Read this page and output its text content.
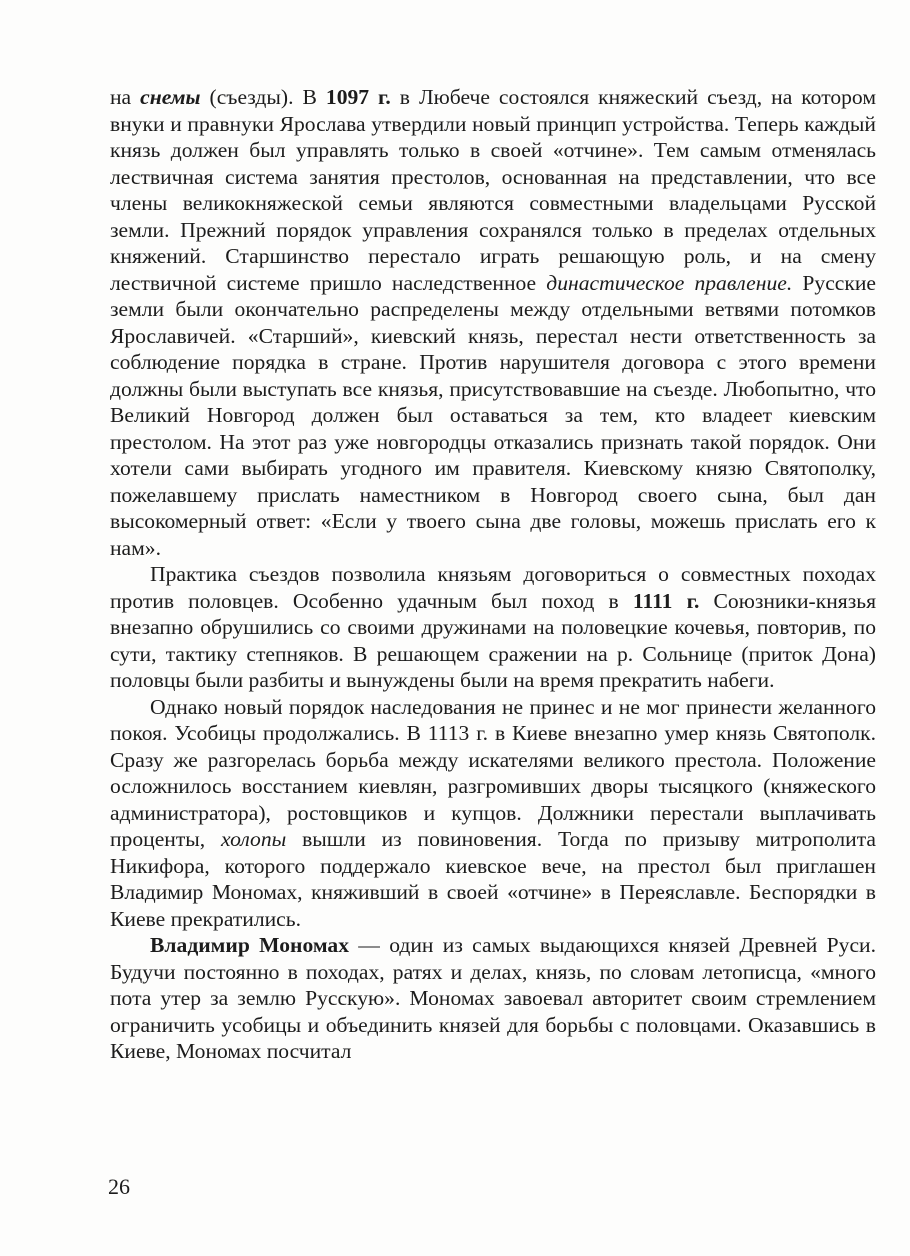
на снемы (съезды). В 1097 г. в Любече состоялся княжеский съезд, на котором внуки и правнуки Ярослава утвердили новый принцип устройства. Теперь каждый князь должен был управлять только в своей «отчине». Тем самым отменялась лествичная система занятия престолов, основанная на представлении, что все члены великокняжеской семьи являются совместными владельцами Русской земли. Прежний порядок управления сохранялся только в пределах отдельных княжений. Старшинство перестало играть решающую роль, и на смену лествичной системе пришло наследственное династическое правление. Русские земли были окончательно распределены между отдельными ветвями потомков Ярославичей. «Старший», киевский князь, перестал нести ответственность за соблюдение порядка в стране. Против нарушителя договора с этого времени должны были выступать все князья, присутствовавшие на съезде. Любопытно, что Великий Новгород должен был оставаться за тем, кто владеет киевским престолом. На этот раз уже новгородцы отказались признать такой порядок. Они хотели сами выбирать угодного им правителя. Киевскому князю Святополку, пожелавшему прислать наместником в Новгород своего сына, был дан высокомерный ответ: «Если у твоего сына две головы, можешь прислать его к нам».

Практика съездов позволила князьям договориться о совместных походах против половцев. Особенно удачным был поход в 1111 г. Союзники-князья внезапно обрушились со своими дружинами на половецкие кочевья, повторив, по сути, тактику степняков. В решающем сражении на р. Сольнице (приток Дона) половцы были разбиты и вынуждены были на время прекратить набеги.

Однако новый порядок наследования не принес и не мог принести желанного покоя. Усобицы продолжались. В 1113 г. в Киеве внезапно умер князь Святополк. Сразу же разгорелась борьба между искателями великого престола. Положение осложнилось восстанием киевлян, разгромивших дворы тысяцкого (княжеского администратора), ростовщиков и купцов. Должники перестали выплачивать проценты, холопы вышли из повиновения. Тогда по призыву митрополита Никифора, которого поддержало киевское вече, на престол был приглашен Владимир Мономах, княживший в своей «отчине» в Переяславле. Беспорядки в Киеве прекратились.

Владимир Мономах — один из самых выдающихся князей Древней Руси. Будучи постоянно в походах, ратях и делах, князь, по словам летописца, «много пота утер за землю Русскую». Мономах завоевал авторитет своим стремлением ограничить усобицы и объединить князей для борьбы с половцами. Оказавшись в Киеве, Мономах посчитал

26
